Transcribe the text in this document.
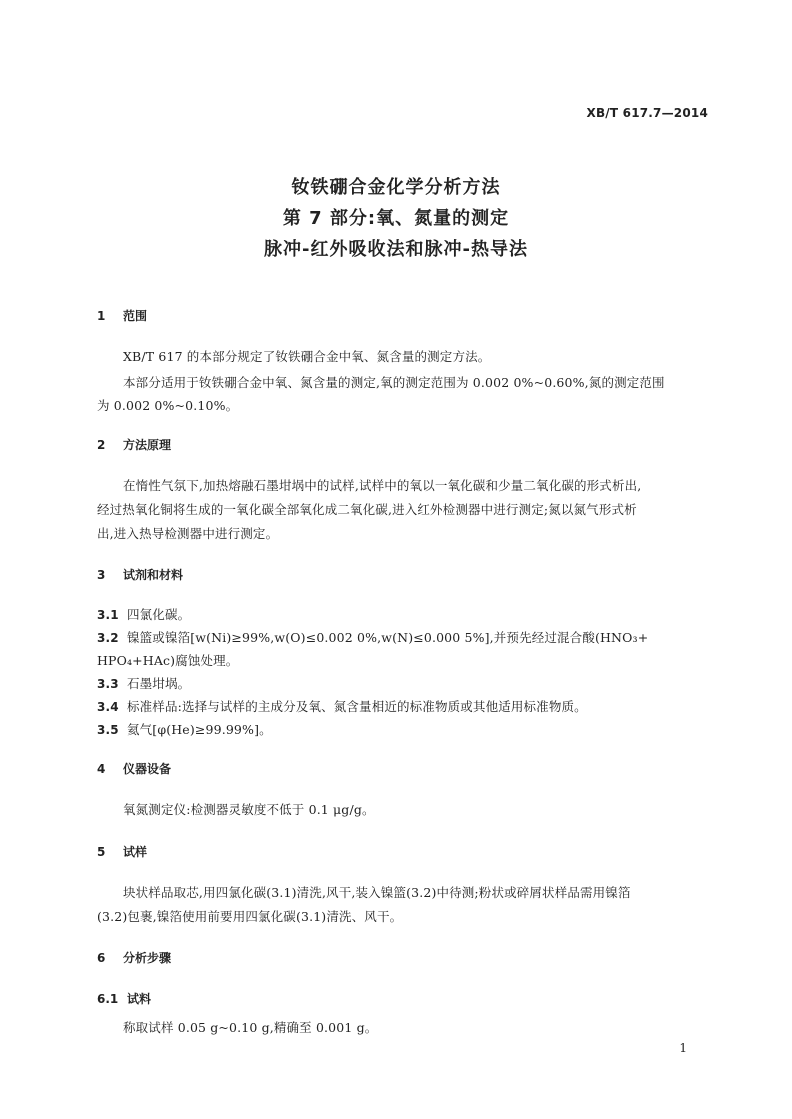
XB/T 617.7—2014
钕铁硼合金化学分析方法
第 7 部分:氧、氮量的测定
脉冲-红外吸收法和脉冲-热导法
1 范围
XB/T 617 的本部分规定了钕铁硼合金中氧、氮含量的测定方法。
本部分适用于钕铁硼合金中氧、氮含量的测定,氧的测定范围为 0.002 0%~0.60%,氮的测定范围
为 0.002 0%~0.10%。
2 方法原理
在惰性气氛下,加热熔融石墨坩埚中的试样,试样中的氧以一氧化碳和少量二氧化碳的形式析出,
经过热氧化铜将生成的一氧化碳全部氧化成二氧化碳,进入红外检测器中进行测定;氮以氮气形式析
出,进入热导检测器中进行测定。
3 试剂和材料
3.1 四氯化碳。
3.2 镍篮或镍箔[w(Ni)≥99%,w(O)≤0.002 0%,w(N)≤0.000 5%],并预先经过混合酸(HNO₃+
HPO₄+HAc)腐蚀处理。
3.3 石墨坩埚。
3.4 标准样品:选择与试样的主成分及氧、氮含量相近的标准物质或其他适用标准物质。
3.5 氦气[φ(He)≥99.99%]。
4 仪器设备
氧氮测定仪:检测器灵敏度不低于 0.1 μg/g。
5 试样
块状样品取芯,用四氯化碳(3.1)清洗,风干,装入镍篮(3.2)中待测;粉状或碎屑状样品需用镍箔
(3.2)包裹,镍箔使用前要用四氯化碳(3.1)清洗、风干。
6 分析步骤
6.1 试料
称取试样 0.05 g~0.10 g,精确至 0.001 g。
1
